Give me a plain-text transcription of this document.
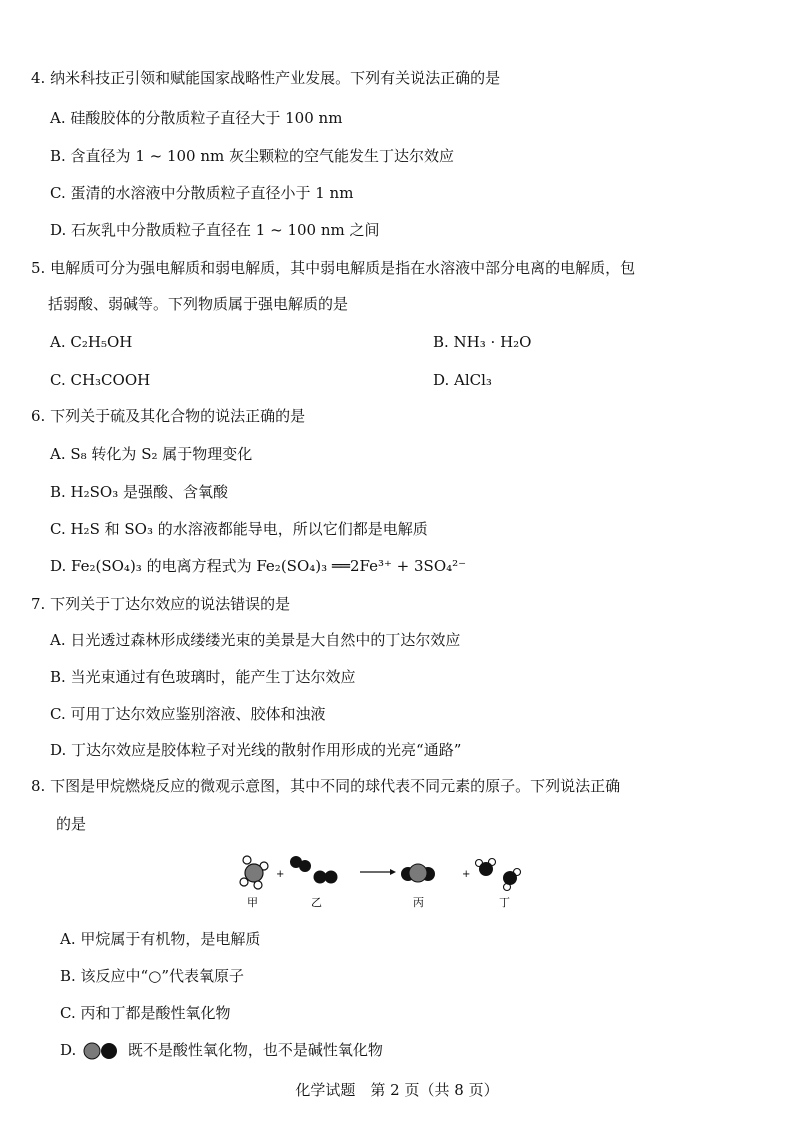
4. 纳米科技正引领和赋能国家战略性产业发展。下列有关说法正确的是
A. 硅酸胶体的分散质粒子直径大于 100 nm
B. 含直径为 1 ~ 100 nm 灰尘颗粒的空气能发生丁达尔效应
C. 蛋清的水溶液中分散质粒子直径小于 1 nm
D. 石灰乳中分散质粒子直径在 1 ~ 100 nm 之间
5. 电解质可分为强电解质和弱电解质，其中弱电解质是指在水溶液中部分电离的电解质，包
括弱酸、弱碱等。下列物质属于强电解质的是
A. C₂H₅OH	B. NH₃ · H₂O
C. CH₃COOH	D. AlCl₃
6. 下列关于硫及其化合物的说法正确的是
A. S₈ 转化为 S₂ 属于物理变化
B. H₂SO₃ 是强酸、含氧酸
C. H₂S 和 SO₃ 的水溶液都能导电，所以它们都是电解质
D. Fe₂(SO₄)₃ 的电离方程式为 Fe₂(SO₄)₃ ══2Fe³⁺ + 3SO₄²⁻
7. 下列关于丁达尔效应的说法错误的是
A. 日光透过森林形成缕缕光束的美景是大自然中的丁达尔效应
B. 当光束通过有色玻璃时，能产生丁达尔效应
C. 可用丁达尔效应鉴别溶液、胶体和浊液
D. 丁达尔效应是胶体粒子对光线的散射作用形成的光亮“通路”
8. 下图是甲烷燃烧反应的微观示意图，其中不同的球代表不同元素的原子。下列说法正确
的是
+	+
甲	乙	丙	丁
A. 甲烷属于有机物，是电解质
B. 该反应中“○”代表氧原子
C. 丙和丁都是酸性氧化物
D.	既不是酸性氧化物，也不是碱性氧化物
化学试题　第 2 页（共 8 页）
